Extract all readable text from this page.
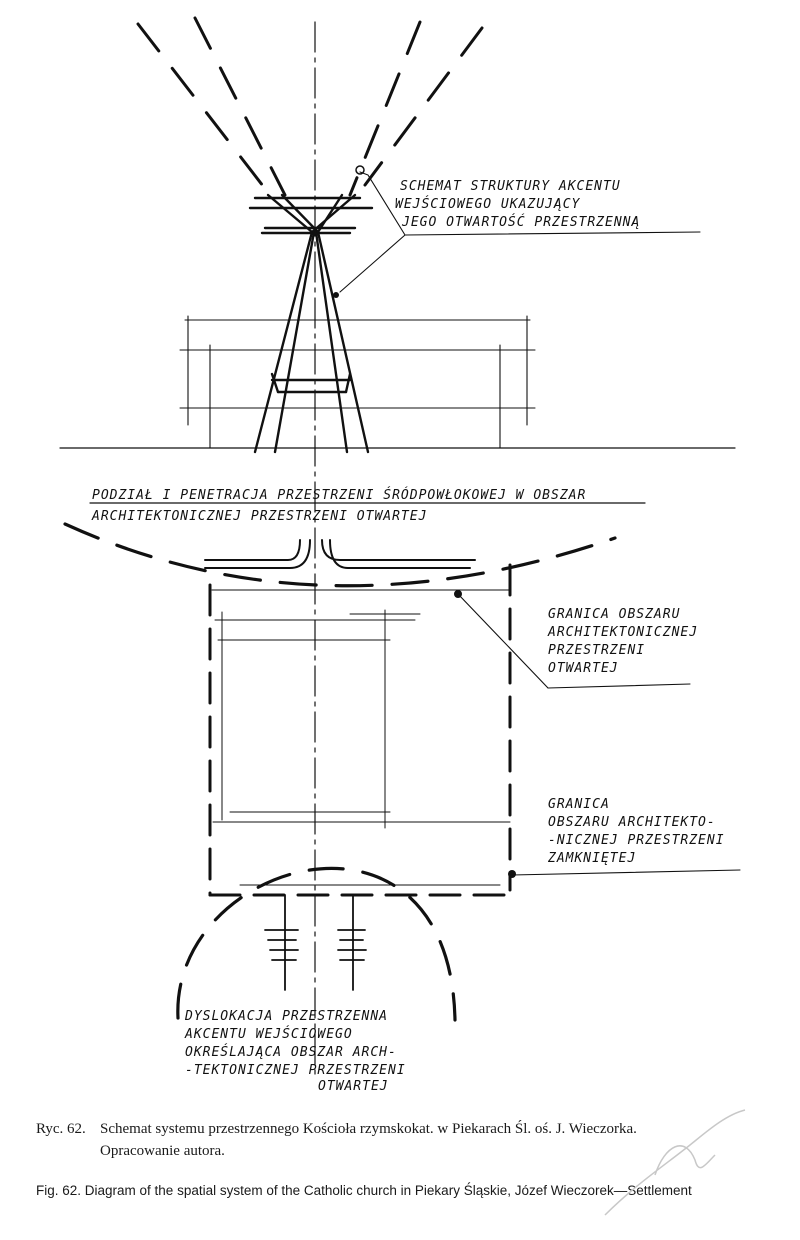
SCHEMAT STRUKTURY AKCENTU
WEJŚCIOWEGO UKAZUJĄCY
JEGO OTWARTOŚĆ PRZESTRZENNĄ
PODZIAŁ I PENETRACJA PRZESTRZENI ŚRÓDPOWŁOKOWEJ W OBSZAR
ARCHITEKTONICZNEJ PRZESTRZENI OTWARTEJ
GRANICA OBSZARU
ARCHITEKTONICZNEJ
PRZESTRZENI
OTWARTEJ
GRANICA
OBSZARU ARCHITEKTO-
-NICZNEJ PRZESTRZENI
ZAMKNIĘTEJ
DYSLOKACJA PRZESTRZENNA
AKCENTU WEJŚCIOWEGO
OKREŚLAJĄCA OBSZAR ARCH-
-TEKTONICZNEJ PRZESTRZENI
OTWARTEJ
Ryc. 62. Schemat systemu przestrzennego Kościoła rzymskokat. w Piekarach Śl. oś. J. Wieczorka.
Opracowanie autora.
Fig. 62. Diagram of the spatial system of the Catholic church in Piekary Śląskie, Józef Wieczorek—Settlement
